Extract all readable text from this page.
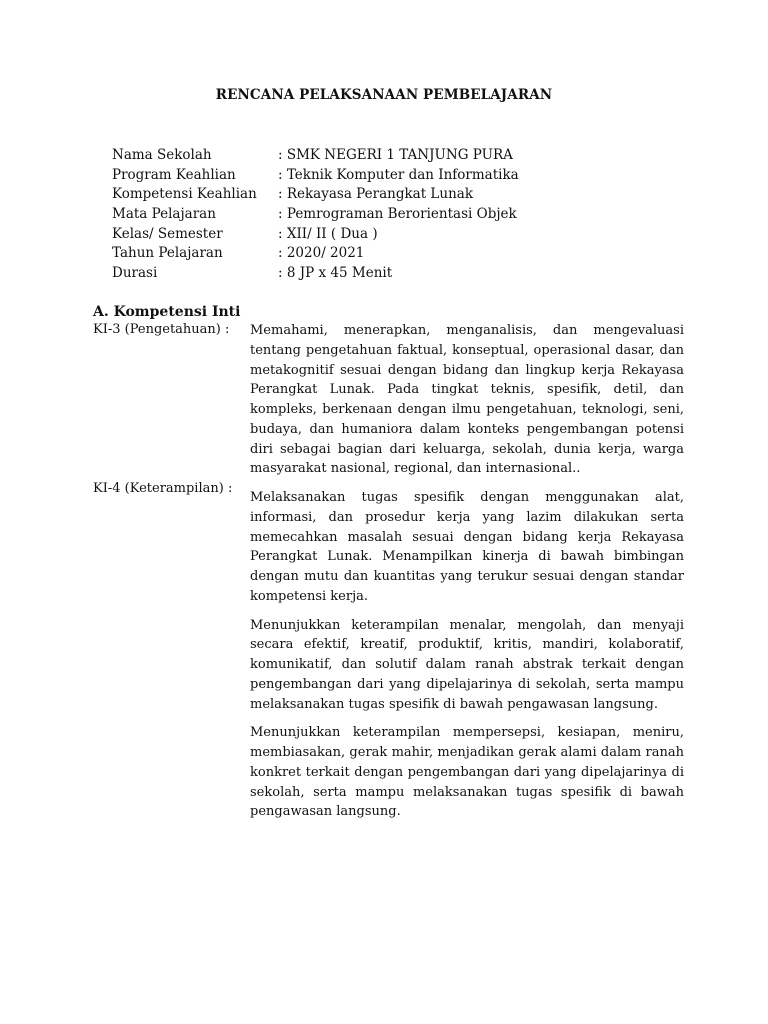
RENCANA PELAKSANAAN PEMBELAJARAN
Nama Sekolah	: SMK NEGERI 1 TANJUNG PURA
Program Keahlian	: Teknik Komputer dan Informatika
Kompetensi Keahlian : Rekayasa Perangkat Lunak
Mata Pelajaran	: Pemrograman Berorientasi Objek
Kelas/ Semester	: XII/ II ( Dua )
Tahun Pelajaran	: 2020/ 2021
Durasi	: 8 JP x 45 Menit
A. Kompetensi Inti
KI-3 (Pengetahuan) : Memahami, menerapkan, menganalisis, dan mengevaluasi tentang pengetahuan faktual, konseptual, operasional dasar, dan metakognitif sesuai dengan bidang dan lingkup kerja Rekayasa Perangkat Lunak. Pada tingkat teknis, spesifik, detil, dan kompleks, berkenaan dengan ilmu pengetahuan, teknologi, seni, budaya, dan humaniora dalam konteks pengembangan potensi diri sebagai bagian dari keluarga, sekolah, dunia kerja, warga masyarakat nasional, regional, dan internasional..

KI-4 (Keterampilan) :

Melaksanakan tugas spesifik dengan menggunakan alat, informasi, dan prosedur kerja yang lazim dilakukan serta memecahkan masalah sesuai dengan bidang kerja Rekayasa Perangkat Lunak. Menampilkan kinerja di bawah bimbingan dengan mutu dan kuantitas yang terukur sesuai dengan standar kompetensi kerja.

Menunjukkan keterampilan menalar, mengolah, dan menyaji secara efektif, kreatif, produktif, kritis, mandiri, kolaboratif, komunikatif, dan solutif dalam ranah abstrak terkait dengan pengembangan dari yang dipelajarinya di sekolah, serta mampu melaksanakan tugas spesifik di bawah pengawasan langsung.

Menunjukkan keterampilan mempersepsi, kesiapan, meniru, membiasakan, gerak mahir, menjadikan gerak alami dalam ranah konkret terkait dengan pengembangan dari yang dipelajarinya di sekolah, serta mampu melaksanakan tugas spesifik di bawah pengawasan langsung.
